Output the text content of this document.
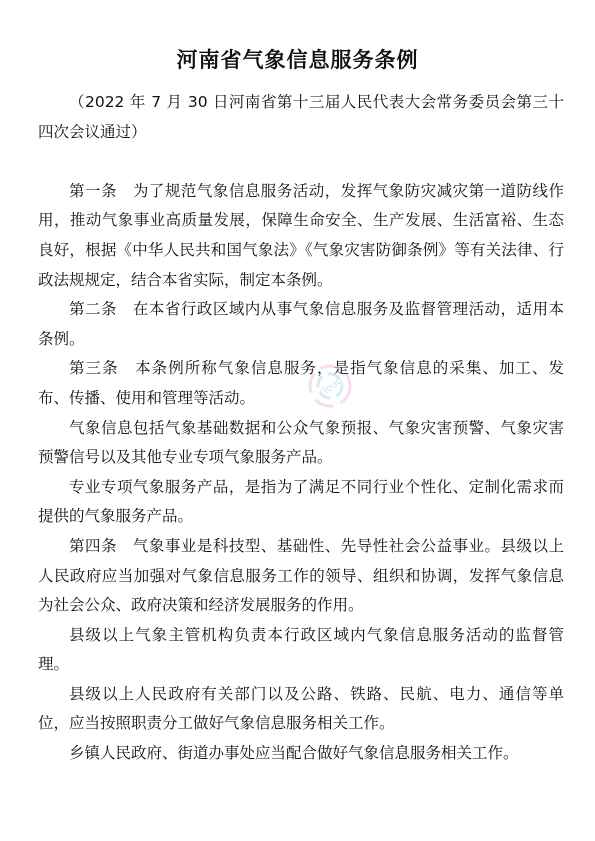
河南省气象信息服务条例

（2022 年 7 月 30 日河南省第十三届人民代表大会常务委员会第三十四次会议通过）

第一条　为了规范气象信息服务活动，发挥气象防灾减灾第一道防线作用，推动气象事业高质量发展，保障生命安全、生产发展、生活富裕、生态良好，根据《中华人民共和国气象法》《气象灾害防御条例》等有关法律、行政法规规定，结合本省实际，制定本条例。

第二条　在本省行政区域内从事气象信息服务及监督管理活动，适用本条例。

第三条　本条例所称气象信息服务，是指气象信息的采集、加工、发布、传播、使用和管理等活动。

气象信息包括气象基础数据和公众气象预报、气象灾害预警、气象灾害预警信号以及其他专业专项气象服务产品。

专业专项气象服务产品，是指为了满足不同行业个性化、定制化需求而提供的气象服务产品。

第四条　气象事业是科技型、基础性、先导性社会公益事业。县级以上人民政府应当加强对气象信息服务工作的领导、组织和协调，发挥气象信息为社会公众、政府决策和经济发展服务的作用。

县级以上气象主管机构负责本行政区域内气象信息服务活动的监督管理。

县级以上人民政府有关部门以及公路、铁路、民航、电力、通信等单位，应当按照职责分工做好气象信息服务相关工作。

乡镇人民政府、街道办事处应当配合做好气象信息服务相关工作。

cloud
